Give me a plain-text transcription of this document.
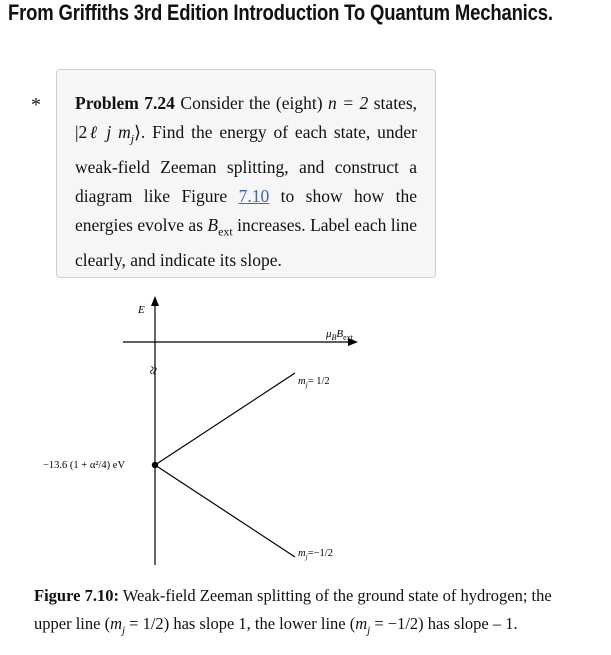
From Griffiths 3rd Edition Introduction To Quantum Mechanics.
* Problem 7.24 Consider the (eight) n = 2 states, |2ℓ j $m_j⟩$. Find the energy of each state, under weak-field Zeeman splitting, and construct a diagram like Figure 7.10 to show how the energies evolve as $B_{ext}$ increases. Label each line clearly, and indicate its slope.
E
$\mu_BB_{ext}$
≈
−13.6 (1 + α²/4) eV
$m_j= 1/2$
$m_j=-1/2$
Figure 7.10: Weak-field Zeeman splitting of the ground state of hydrogen; the upper line $(m_j = 1/2)$ has slope 1, the lower line $(m_j = -1/2)$ has slope – 1.
